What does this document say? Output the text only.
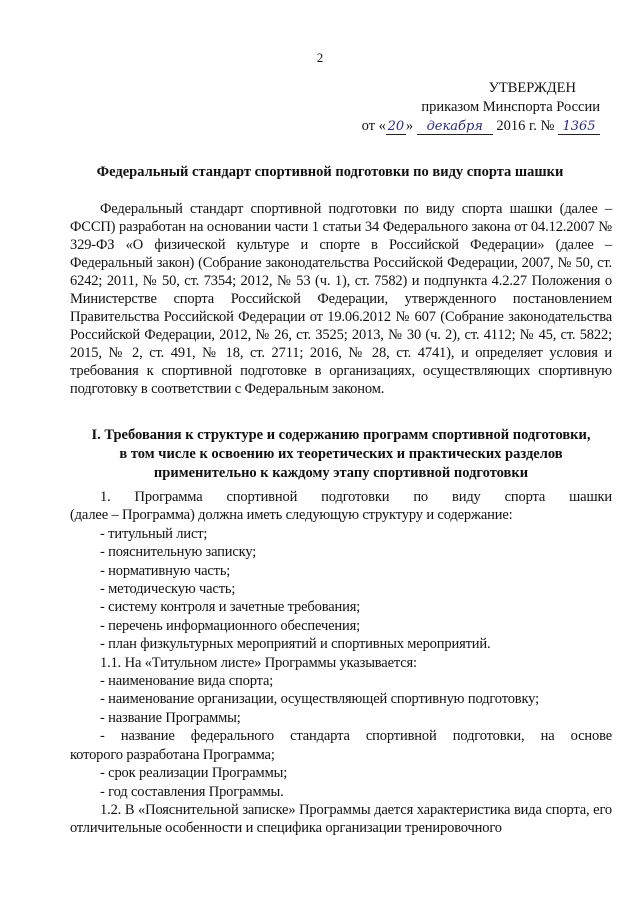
2
УТВЕРЖДЕН
приказом Минспорта России
от « 20 » декабря 2016 г. № 1365
Федеральный стандарт спортивной подготовки по виду спорта шашки

Федеральный стандарт спортивной подготовки по виду спорта шашки (далее – ФССП) разработан на основании части 1 статьи 34 Федерального закона от 04.12.2007 № 329-ФЗ «О физической культуре и спорте в Российской Федерации» (далее – Федеральный закон) (Собрание законодательства Российской Федерации, 2007, № 50, ст. 6242; 2011, № 50, ст. 7354; 2012, № 53 (ч. 1), ст. 7582) и подпункта 4.2.27 Положения о Министерстве спорта Российской Федерации, утвержденного постановлением Правительства Российской Федерации от 19.06.2012 № 607 (Собрание законодательства Российской Федерации, 2012, № 26, ст. 3525; 2013, № 30 (ч. 2), ст. 4112; № 45, ст. 5822; 2015, № 2, ст. 491, № 18, ст. 2711; 2016, № 28, ст. 4741), и определяет условия и требования к спортивной подготовке в организациях, осуществляющих спортивную подготовку в соответствии с Федеральным законом.

I. Требования к структуре и содержанию программ спортивной подготовки,
в том числе к освоению их теоретических и практических разделов
применительно к каждому этапу спортивной подготовки

1. Программа спортивной подготовки по виду спорта шашки

(далее – Программа) должна иметь следующую структуру и содержание:

- титульный лист;

- пояснительную записку;

- нормативную часть;

- методическую часть;

- систему контроля и зачетные требования;

- перечень информационного обеспечения;

- план физкультурных мероприятий и спортивных мероприятий.

1.1. На «Титульном листе» Программы указывается:

- наименование вида спорта;

- наименование организации, осуществляющей спортивную подготовку;

- название Программы;

- название федерального стандарта спортивной подготовки, на основе

которого разработана Программа;

- срок реализации Программы;

- год составления Программы.

1.2. В «Пояснительной записке» Программы дается характеристика вида спорта, его отличительные особенности и специфика организации тренировочного
